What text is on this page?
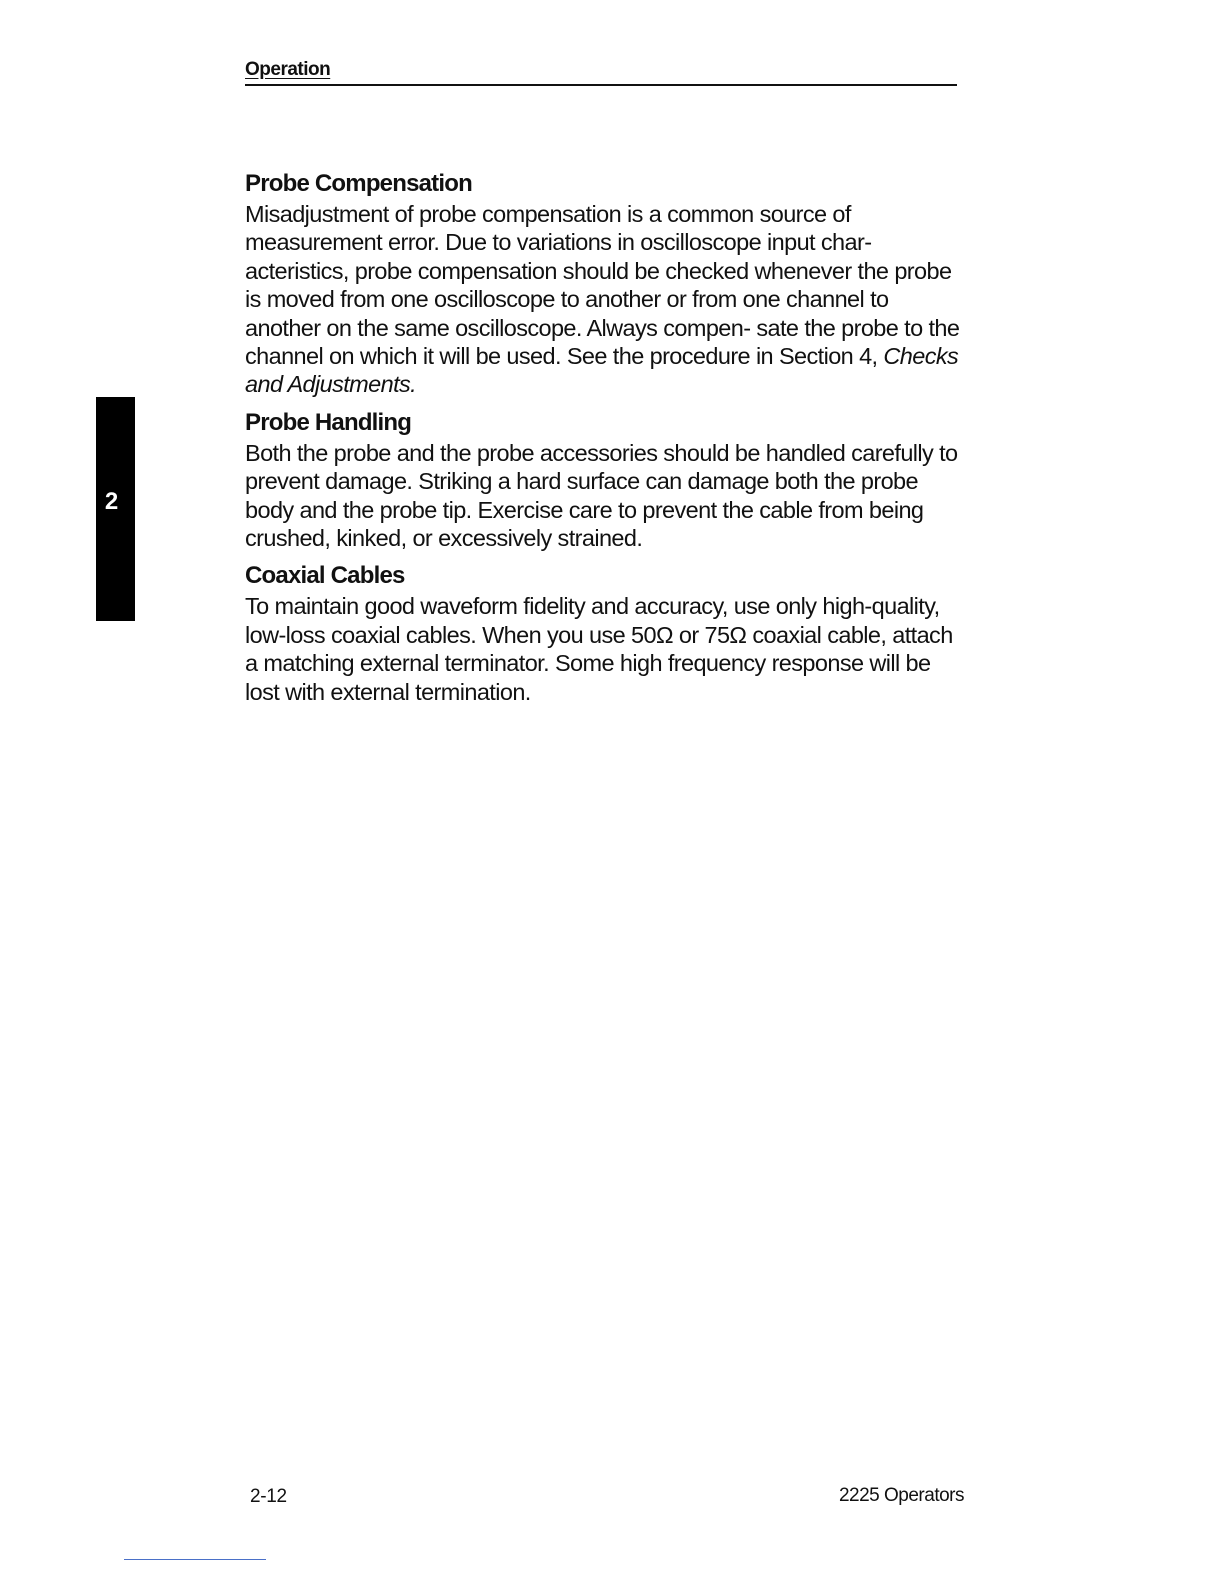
Operation
2
Probe Compensation

Misadjustment of probe compensation is a common source of measurement error. Due to variations in oscilloscope input char- acteristics, probe compensation should be checked whenever the probe is moved from one oscilloscope to another or from one channel to another on the same oscilloscope. Always compen- sate the probe to the channel on which it will be used. See the procedure in Section 4, Checks and Adjustments.

Probe Handling

Both the probe and the probe accessories should be handled carefully to prevent damage. Striking a hard surface can damage both the probe body and the probe tip. Exercise care to prevent the cable from being crushed, kinked, or excessively strained.

Coaxial Cables

To maintain good waveform fidelity and accuracy, use only high-quality, low-loss coaxial cables. When you use 50Ω or 75Ω coaxial cable, attach a matching external terminator. Some high frequency response will be lost with external termination.

2-12	2225 Operators
